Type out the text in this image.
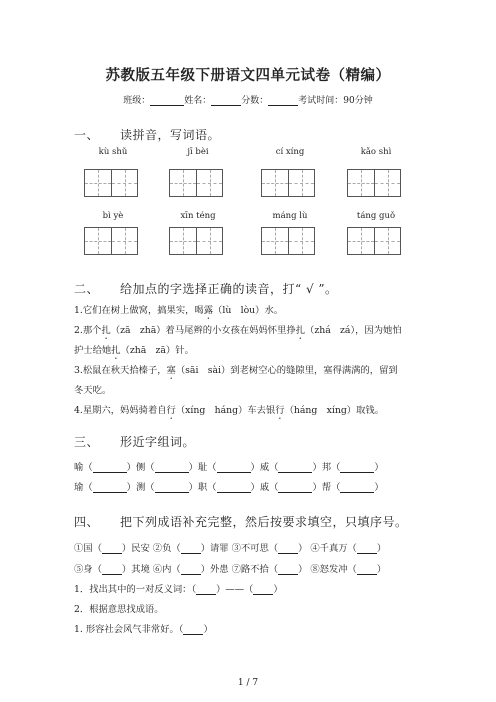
苏教版五年级下册语文四单元试卷（精编）
班级：	姓名：	分数：	考试时间：90分钟
一、 读拼音，写词语。
kù shǔ	jī bèi	cí xíng	kǎo shì
bì yè	xīn téng	máng lù	táng guǒ
二、 给加点的字选择正确的读音，打“ √ ”。
1.它们在树上做窝，搞果实，喝露（lù　lòu）水。
2.那个扎（zā　zhā）着马尾辫的小女孩在妈妈怀里挣扎（zhá　zá），因为她怕
护士给她扎（zhā　zā）针。
3.松鼠在秋天拾榛子，塞（sāi　sài）到老树空心的缝隙里，塞得满满的，留到
冬天吃。
4.星期六，妈妈骑着自行（xíng　háng）车去银行（háng　xíng）取钱。
三、 形近字组词。
喻（	）侧（	）耻（	）威（	）邦（	）
瑜（	）测（	）职（	）戚（	）帮（	）
四、 把下列成语补充完整，然后按要求填空，只填序号。
①国（ ）民安 ②负（ ）请罪 ③不可思（ ） ④千真万（ ）
⑤身（ ）其境 ⑥内（ ）外患 ⑦路不拾（ ） ⑧怒发冲（ ）
1．找出其中的一对反义词：（ ）——（ ）
2．根据意思找成语。
1. 形容社会风气非常好。（ ）
1 / 7
